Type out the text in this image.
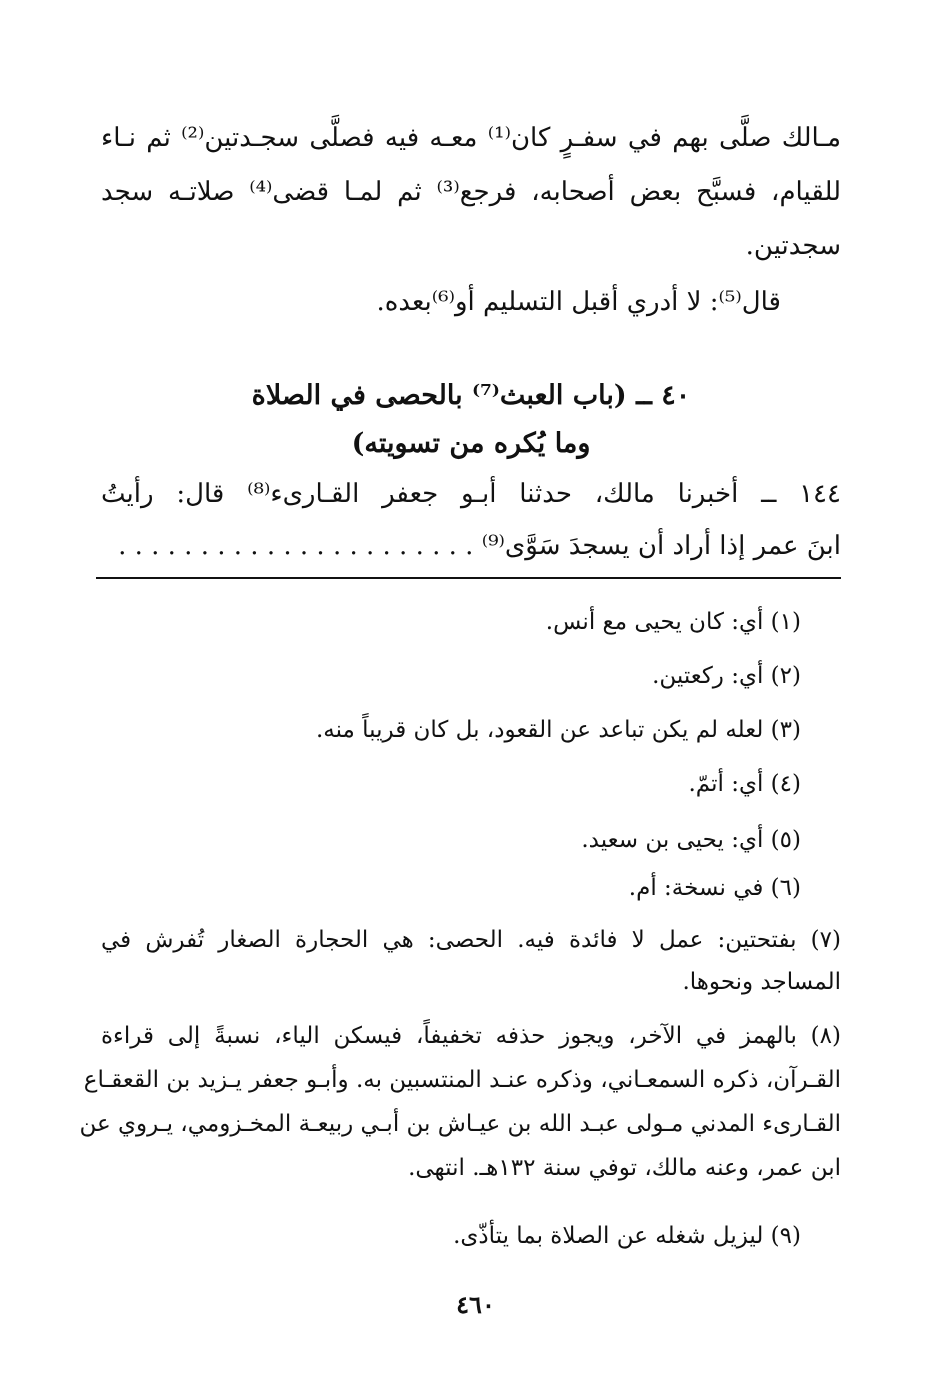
مـالك صلَّى بهم في سفـرٍ كان⁽¹⁾ معـه فيه فصلَّى سجـدتين⁽²⁾ ثم نـاء

للقيام، فسبَّح بعض أصحابه، فرجع⁽³⁾ ثم لمـا قضى⁽⁴⁾ صلاتـه سجد

سجدتين.

قال⁽⁵⁾: لا أدري أقبل التسليم أو⁽⁶⁾بعده.

٤٠ ــ (باب العبث⁽⁷⁾ بالحصى في الصلاة

وما يُكره من تسويته)

١٤٤ ــ أخبرنا مالك، حدثنا أبـو جعفر القـارىء⁽⁸⁾ قال: رأيتُ

ابنَ عمر إذا أراد أن يسجدَ سَوَّى⁽⁹⁾ . . . . . . . . . . . . . . . . . . . . . .

(١) أي: كان يحيى مع أنس.

(٢) أي: ركعتين.

(٣) لعله لم يكن تباعد عن القعود، بل كان قريباً منه.

(٤) أي: أتمّ.

(٥) أي: يحيى بن سعيد.

(٦) في نسخة: أم.

(٧) بفتحتين: عمل لا فائدة فيه. الحصى: هي الحجارة الصغار تُفرش في

المساجد ونحوها.

(٨) بالهمز في الآخر، ويجوز حذفه تخفيفاً، فيسكن الياء، نسبةً إلى قراءة

القـرآن، ذكره السمعـاني، وذكره عنـد المنتسبين به. وأبـو جعفر يـزيد بن القعقـاع

القـارىء المدني مـولى عبـد الله بن عيـاش بن أبـي ربيعـة المخـزومي، يـروي عن

ابن عمر، وعنه مالك، توفي سنة ١٣٢هـ. انتهى.

(٩) ليزيل شغله عن الصلاة بما يتأذّى.

٤٦٠
